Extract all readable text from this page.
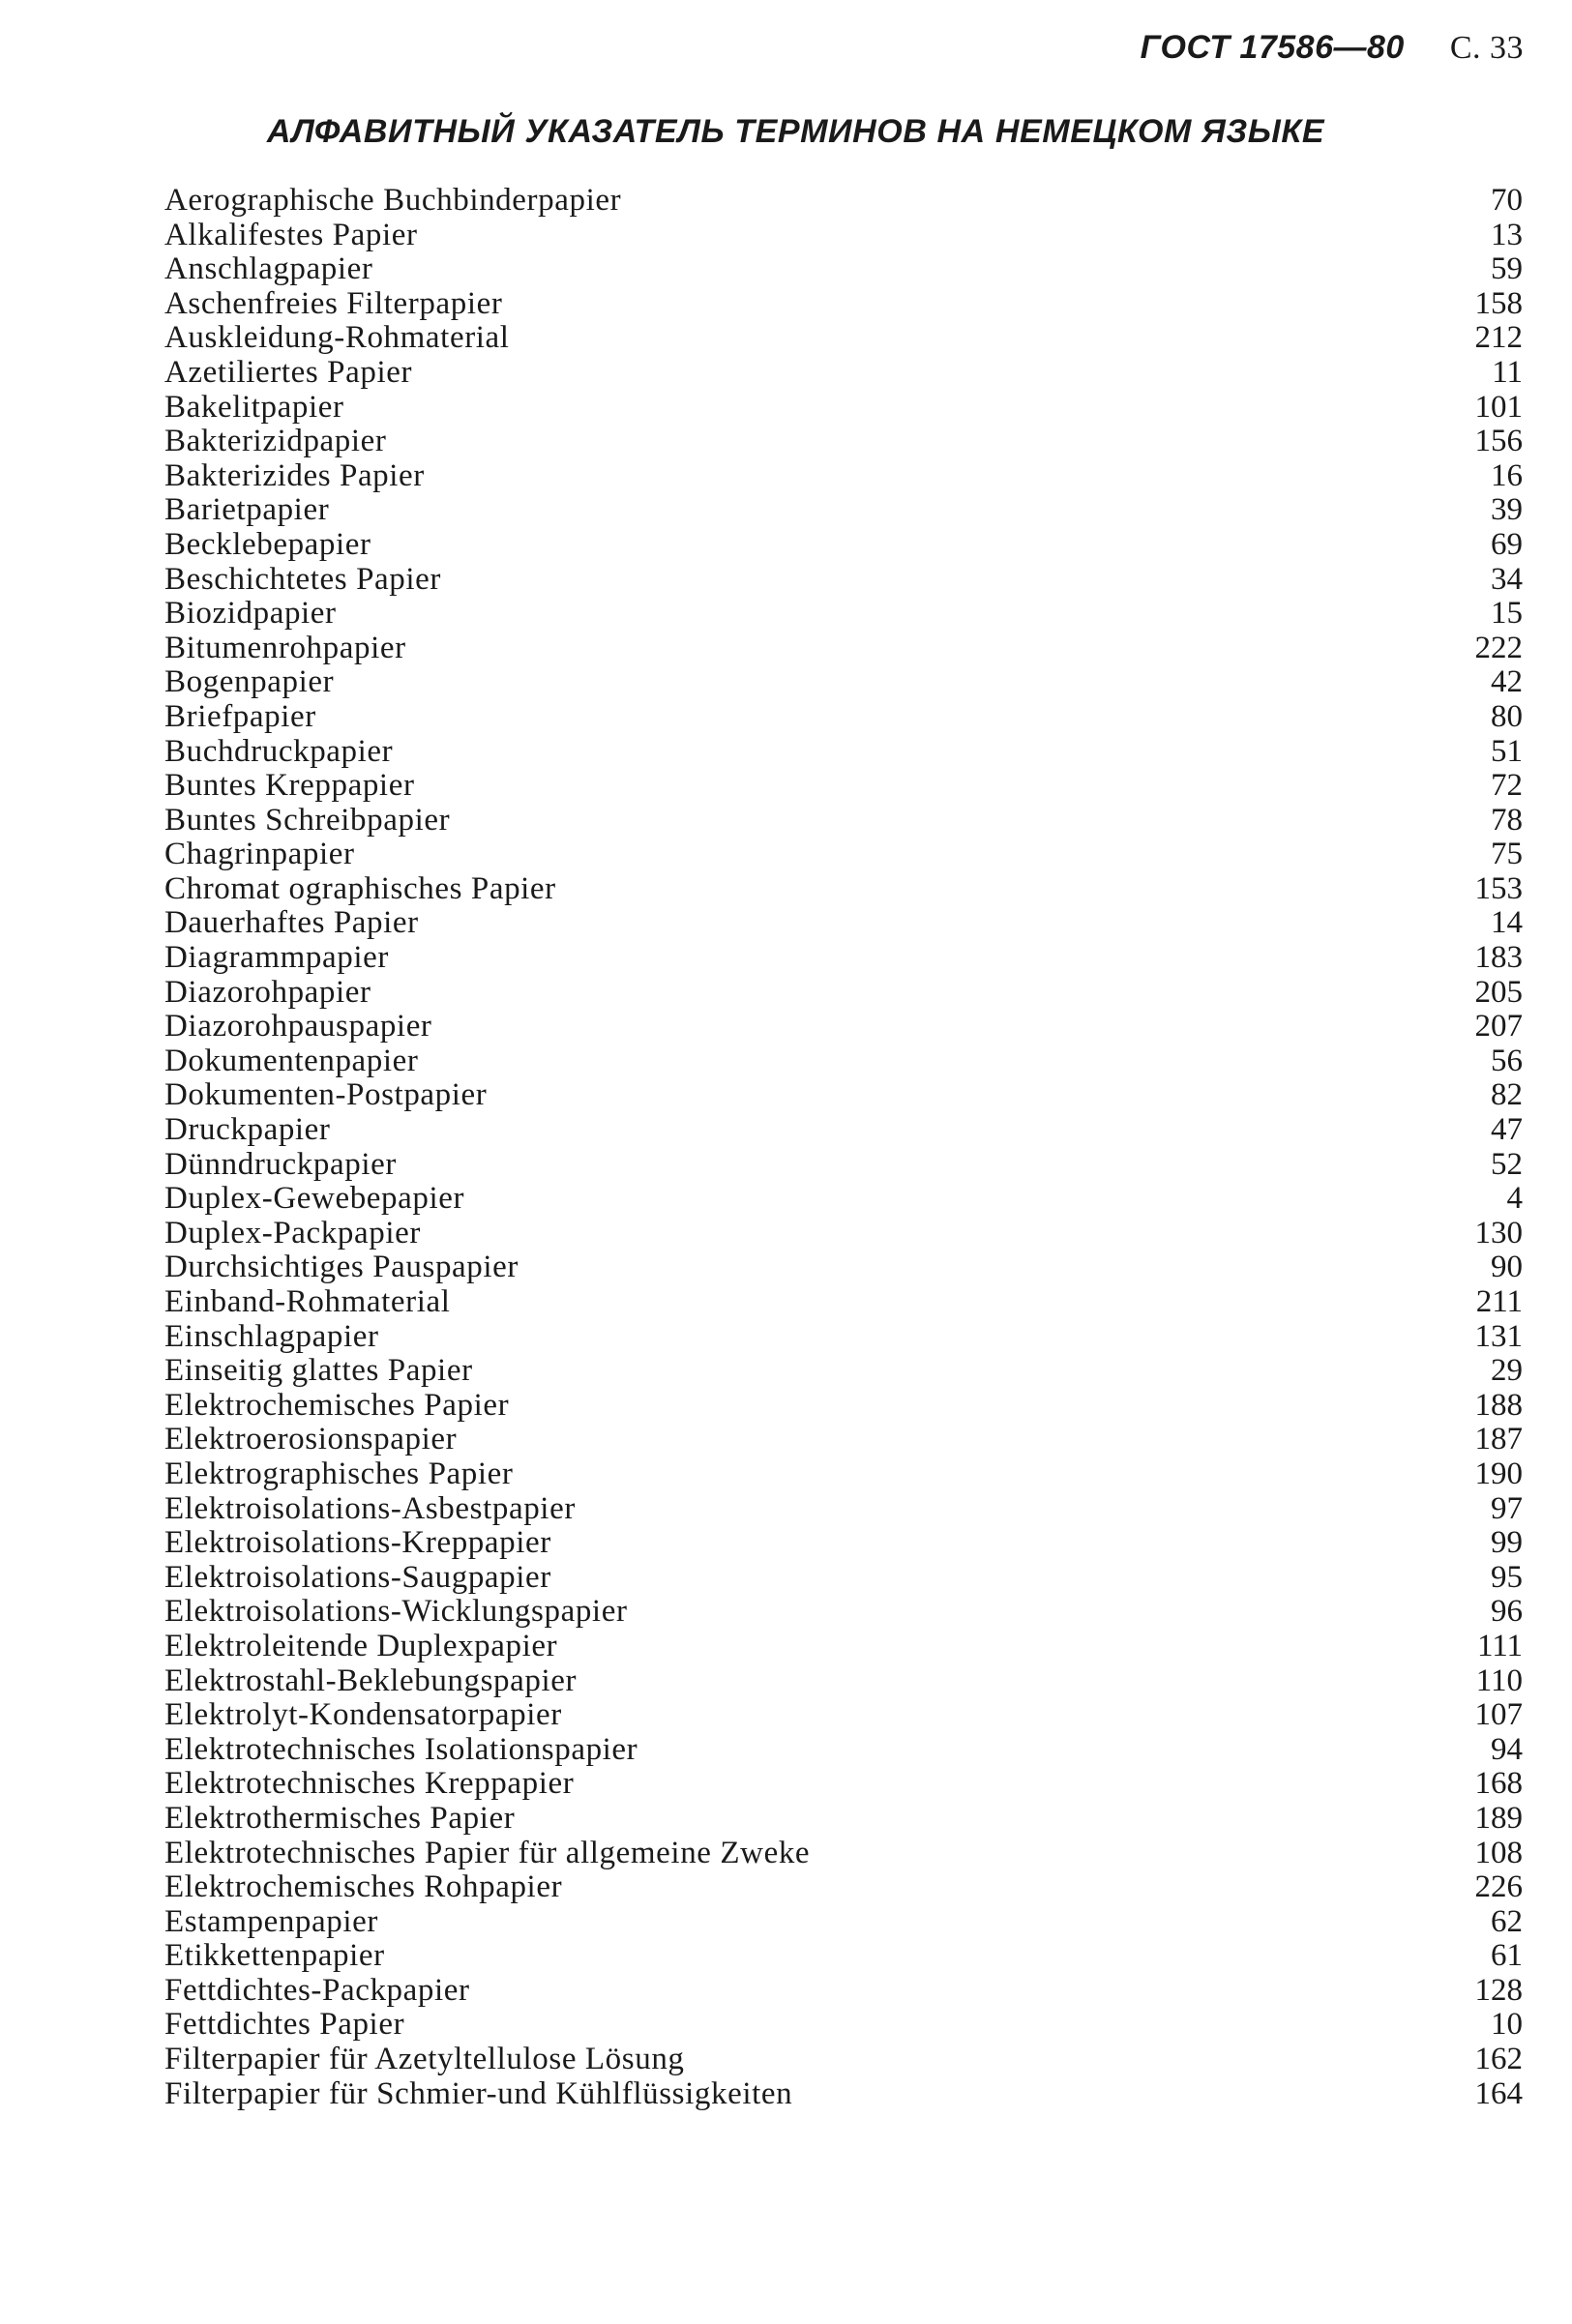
ГОСТ 17586—80 С. 33
АЛФАВИТНЫЙ УКАЗАТЕЛЬ ТЕРМИНОВ НА НЕМЕЦКОМ ЯЗЫКЕ
Aerographische Buchbinderpapier	70
Alkalifestes Papier	13
Anschlagpapier	59
Aschenfreies Filterpapier	158
Auskleidung-Rohmaterial	212
Azetiliertes Papier	11
Bakelitpapier	101
Bakterizidpapier	156
Bakterizides Papier	16
Barietpapier	39
Becklebepapier	69
Beschichtetes Papier	34
Biozidpapier	15
Bitumenrohpapier	222
Bogenpapier	42
Briefpapier	80
Buchdruckpapier	51
Buntes Kreppapier	72
Buntes Schreibpapier	78
Chagrinpapier	75
Chromat ographisches Papier	153
Dauerhaftes Papier	14
Diagrammpapier	183
Diazorohpapier	205
Diazorohpauspapier	207
Dokumentenpapier	56
Dokumenten-Postpapier	82
Druckpapier	47
Dünndruckpapier	52
Duplex-Gewebepapier	4
Duplex-Packpapier	130
Durchsichtiges Pauspapier	90
Einband-Rohmaterial	211
Einschlagpapier	131
Einseitig glattes Papier	29
Elektrochemisches Papier	188
Elektroerosionspapier	187
Elektrographisches Papier	190
Elektroisolations-Asbestpapier	97
Elektroisolations-Kreppapier	99
Elektroisolations-Saugpapier	95
Elektroisolations-Wicklungspapier	96
Elektroleitende Duplexpapier	111
Elektrostahl-Beklebungspapier	110
Elektrolyt-Kondensatorpapier	107
Elektrotechnisches Isolationspapier	94
Elektrotechnisches Kreppapier	168
Elektrothermisches Papier	189
Elektrotechnisches Papier für allgemeine Zweke	108
Elektrochemisches Rohpapier	226
Estampenpapier	62
Etikkettenpapier	61
Fettdichtes-Packpapier	128
Fettdichtes Papier	10
Filterpapier für Azetyltellulose Lösung	162
Filterpapier für Schmier-und Kühlflüssigkeiten	164
